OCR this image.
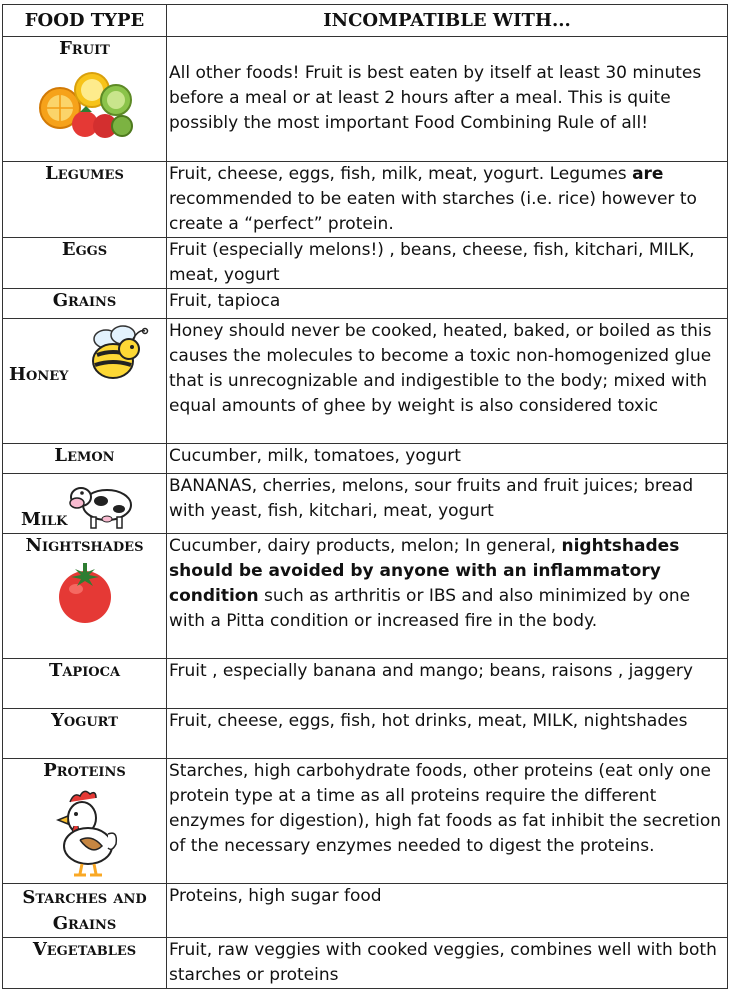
FOOD TYPE	INCOMPATIBLE WITH...

Fruit	All other foods! Fruit is best eaten by itself at least 30 minutes before a meal or at least 2 hours after a meal. This is quite possibly the most important Food Combining Rule of all!

Legumes	Fruit, cheese, eggs, fish, milk, meat, yogurt. Legumes are recommended to be eaten with starches (i.e. rice) however to create a “perfect” protein.

Eggs	Fruit (especially melons!) , beans, cheese, fish, kitchari, MILK, meat, yogurt

Grains	Fruit, tapioca

Honey	Honey should never be cooked, heated, baked, or boiled as this causes the molecules to become a toxic non-homogenized glue that is unrecognizable and indigestible to the body; mixed with equal amounts of ghee by weight is also considered toxic

Lemon	Cucumber, milk, tomatoes, yogurt

Milk	BANANAS, cherries, melons, sour fruits and fruit juices; bread with yeast, fish, kitchari, meat, yogurt

Nightshades	Cucumber, dairy products, melon; In general, nightshades should be avoided by anyone with an inflammatory condition such as arthritis or IBS and also minimized by one with a Pitta condition or increased fire in the body.

Tapioca	Fruit , especially banana and mango; beans, raisons , jaggery

Yogurt	Fruit, cheese, eggs, fish, hot drinks, meat, MILK, nightshades

Proteins	Starches, high carbohydrate foods, other proteins (eat only one protein type at a time as all proteins require the different enzymes for digestion), high fat foods as fat inhibit the secretion of the necessary enzymes needed to digest the proteins.

Starches and Grains	Proteins, high sugar food

Vegetables	Fruit, raw veggies with cooked veggies, combines well with both starches or proteins
